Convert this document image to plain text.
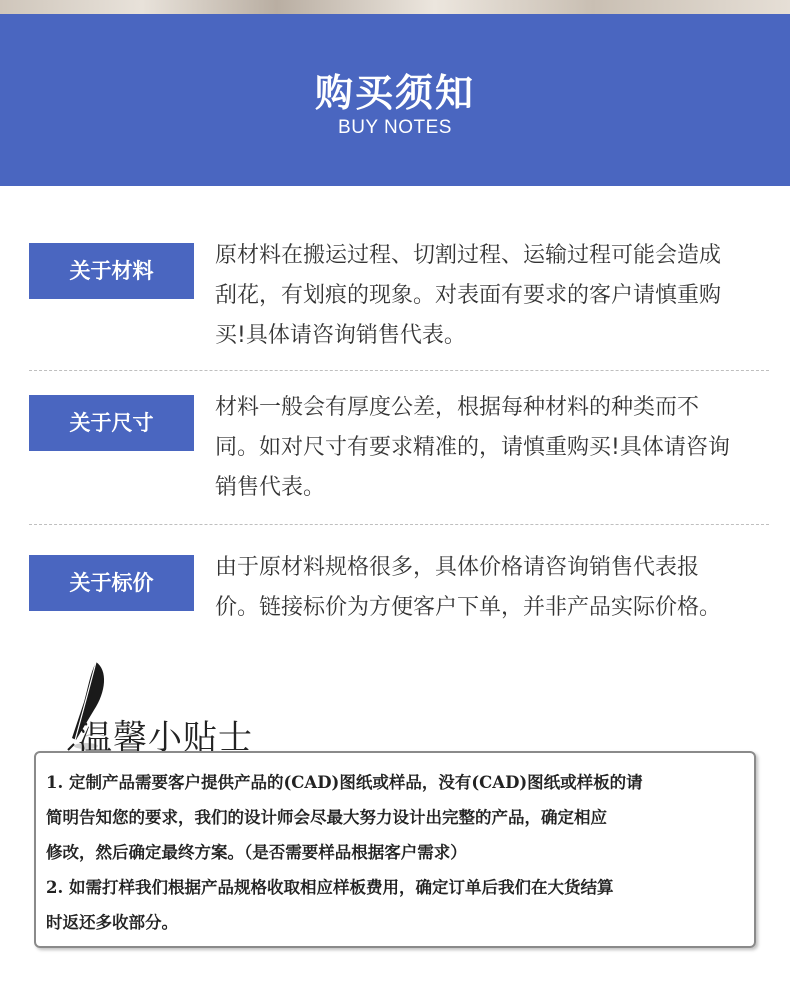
购买须知
BUY NOTES
关于材料
原材料在搬运过程、切割过程、运输过程可能会造成
刮花，有划痕的现象。对表面有要求的客户请慎重购
买!具体请咨询销售代表。
关于尺寸
材料一般会有厚度公差，根据每种材料的种类而不
同。如对尺寸有要求精准的，请慎重购买!具体请咨询
销售代表。
关于标价
由于原材料规格很多，具体价格请咨询销售代表报
价。链接标价为方便客户下单，并非产品实际价格。
温馨小贴士

1. 定制产品需要客户提供产品的(CAD)图纸或样品，没有(CAD)图纸或样板的请

简明告知您的要求，我们的设计师会尽最大努力设计出完整的产品，确定相应

修改，然后确定最终方案。（是否需要样品根据客户需求）

2. 如需打样我们根据产品规格收取相应样板费用，确定订单后我们在大货结算

时返还多收部分。
